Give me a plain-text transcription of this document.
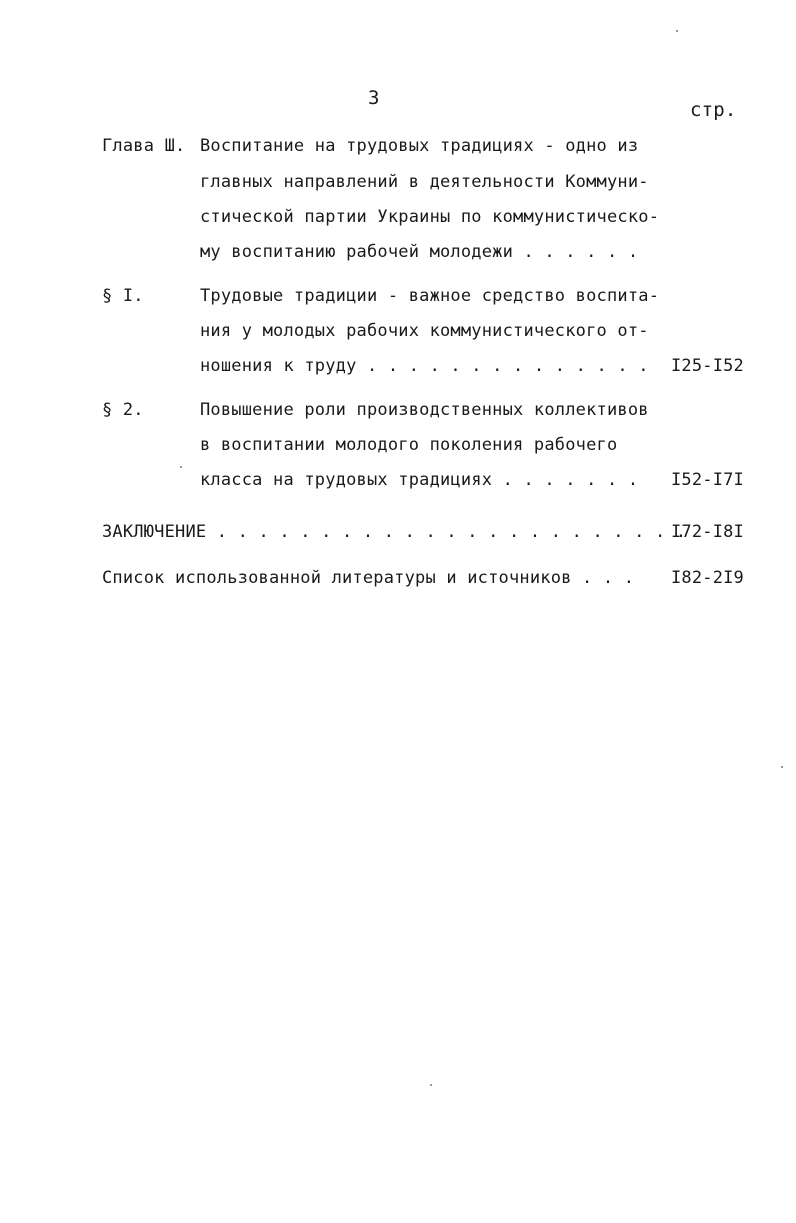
3
стр.
Глава Ш. Воспитание на трудовых традициях - одно из
главных направлений в деятельности Коммуни-
стической партии Украины по коммунистическо-
му воспитанию рабочей молодежи . . . . . .
§ I.	Трудовые традиции - важное средство воспита-
ния у молодых рабочих коммунистического от-
ношения к труду . . . . . . . . . . . . . . I25-I52
§ 2.	Повышение роли производственных коллективов
в воспитании молодого поколения рабочего
класса на трудовых традициях . . . . . . . I52-I7I
ЗАКЛЮЧЕНИЕ . . . . . . . . . . . . . . . . . . . . . . .
I72-I8I
Список использованной литературы и источников . . . I82-2I9
